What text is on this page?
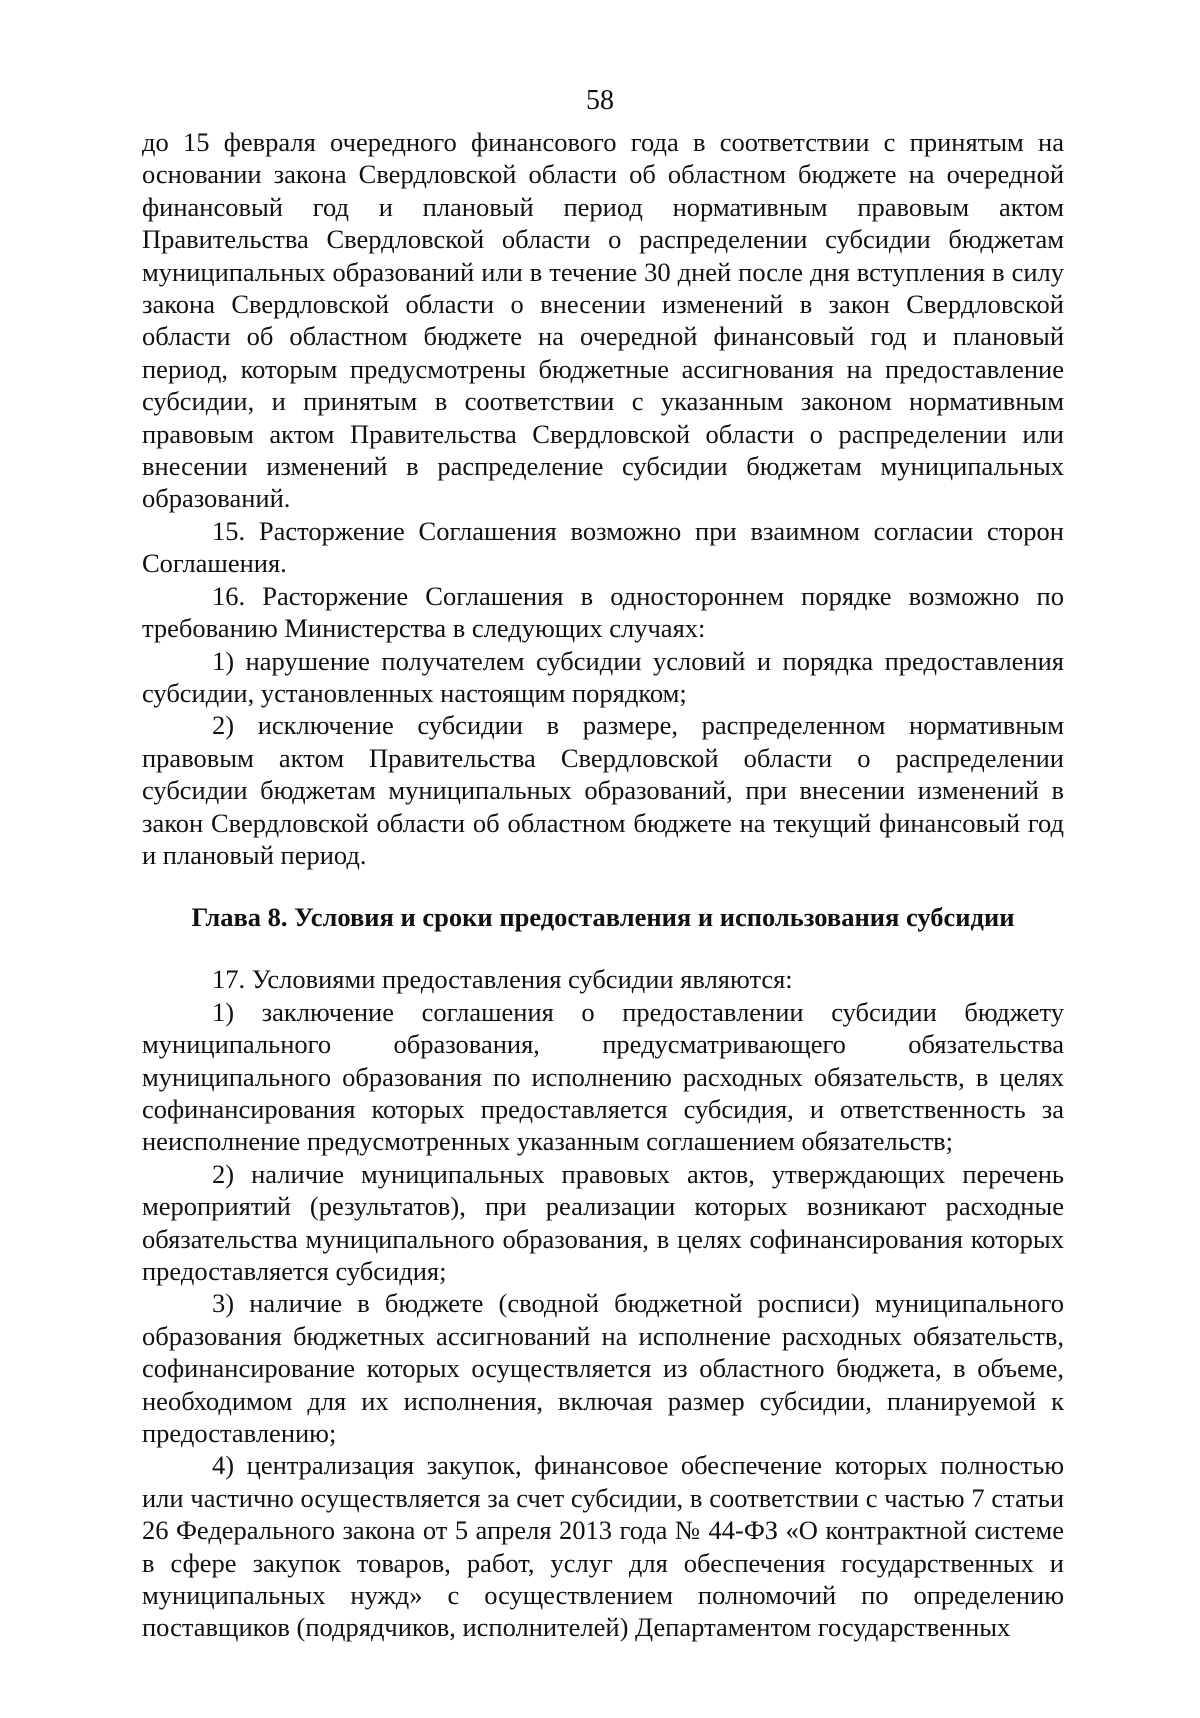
58

до 15 февраля очередного финансового года в соответствии с принятым на основании закона Свердловской области об областном бюджете на очередной финансовый год и плановый период нормативным правовым актом Правительства Свердловской области о распределении субсидии бюджетам муниципальных образований или в течение 30 дней после дня вступления в силу закона Свердловской области о внесении изменений в закон Свердловской области об областном бюджете на очередной финансовый год и плановый период, которым предусмотрены бюджетные ассигнования на предоставление субсидии, и принятым в соответствии с указанным законом нормативным правовым актом Правительства Свердловской области о распределении или внесении изменений в распределение субсидии бюджетам муниципальных образований.

15. Расторжение Соглашения возможно при взаимном согласии сторон Соглашения.

16. Расторжение Соглашения в одностороннем порядке возможно по требованию Министерства в следующих случаях:

1) нарушение получателем субсидии условий и порядка предоставления субсидии, установленных настоящим порядком;

2) исключение субсидии в размере, распределенном нормативным правовым актом Правительства Свердловской области о распределении субсидии бюджетам муниципальных образований, при внесении изменений в закон Свердловской области об областном бюджете на текущий финансовый год и плановый период.

Глава 8. Условия и сроки предоставления и использования субсидии

17. Условиями предоставления субсидии являются:

1) заключение соглашения о предоставлении субсидии бюджету муниципального образования, предусматривающего обязательства муниципального образования по исполнению расходных обязательств, в целях софинансирования которых предоставляется субсидия, и ответственность за неисполнение предусмотренных указанным соглашением обязательств;

2) наличие муниципальных правовых актов, утверждающих перечень мероприятий (результатов), при реализации которых возникают расходные обязательства муниципального образования, в целях софинансирования которых предоставляется субсидия;

3) наличие в бюджете (сводной бюджетной росписи) муниципального образования бюджетных ассигнований на исполнение расходных обязательств, софинансирование которых осуществляется из областного бюджета, в объеме, необходимом для их исполнения, включая размер субсидии, планируемой к предоставлению;

4) централизация закупок, финансовое обеспечение которых полностью или частично осуществляется за счет субсидии, в соответствии с частью 7 статьи 26 Федерального закона от 5 апреля 2013 года № 44-ФЗ «О контрактной системе в сфере закупок товаров, работ, услуг для обеспечения государственных и муниципальных нужд» с осуществлением полномочий по определению поставщиков (подрядчиков, исполнителей) Департаментом государственных
